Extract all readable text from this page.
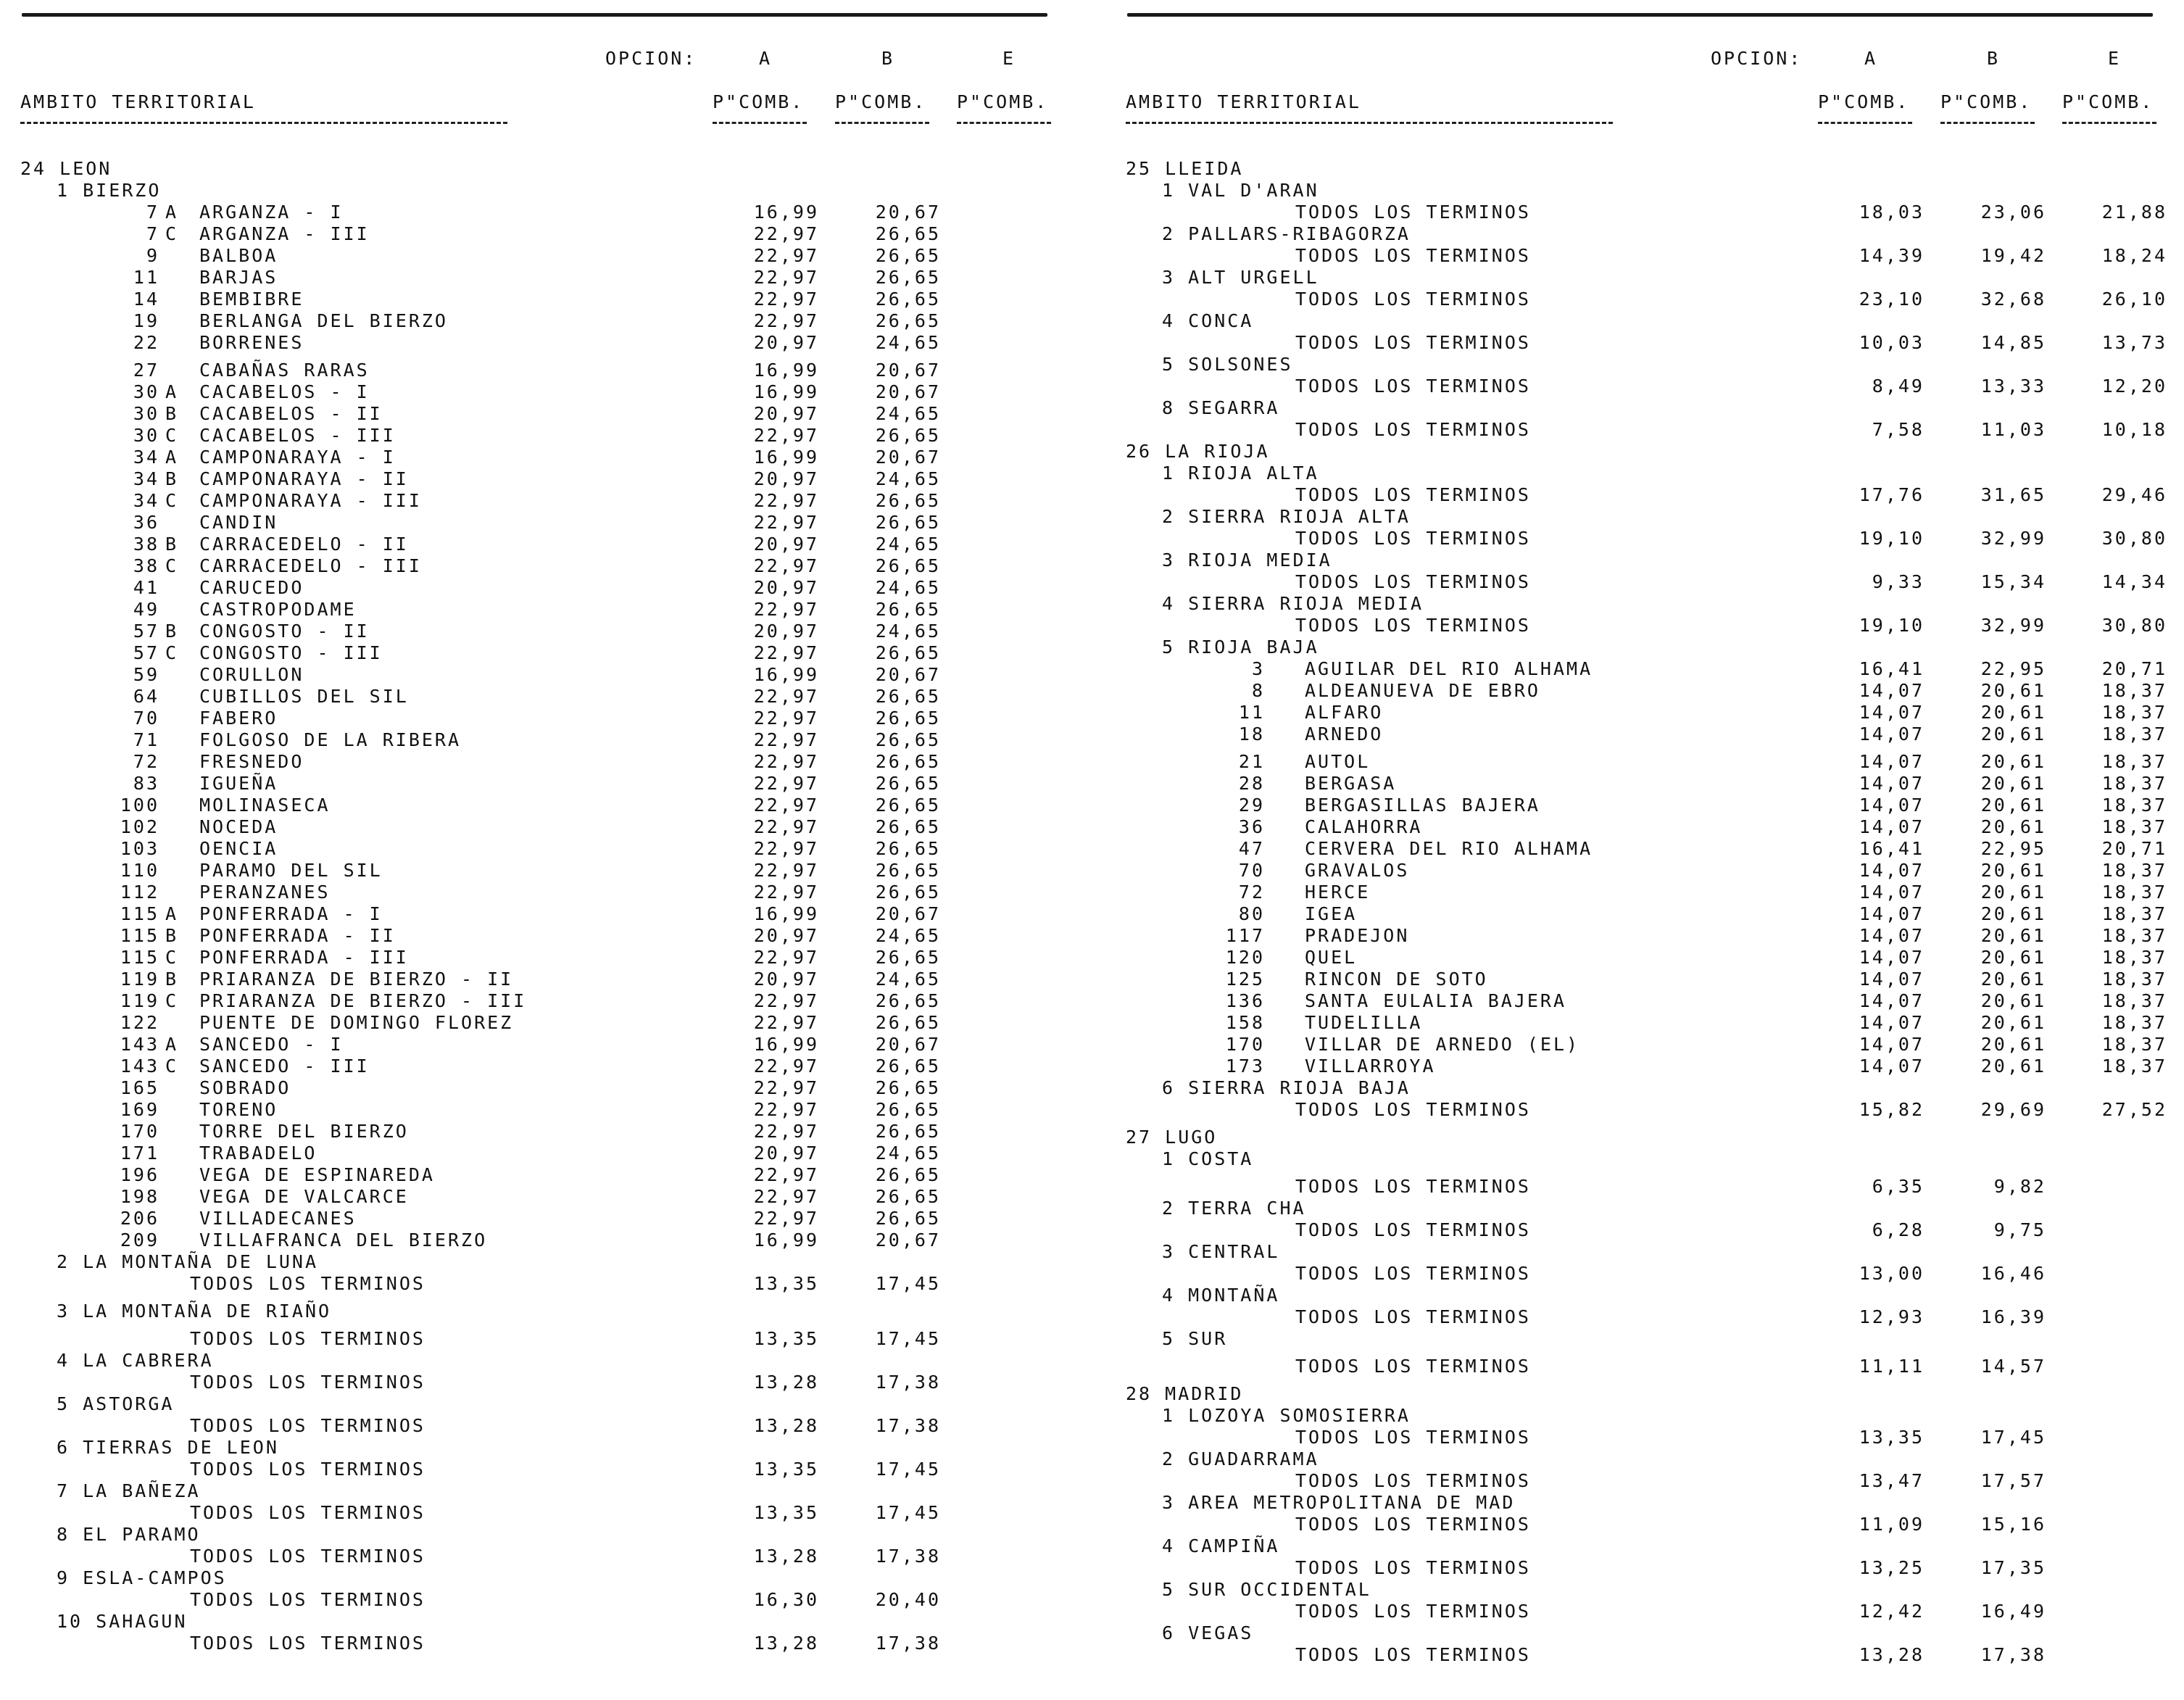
OPCION:	A	B	E
AMBITO TERRITORIAL	P"COMB. P"COMB. P"COMB.
24 LEON
1 BIERZO
7 A ARGANZA - I	16,99	20,67
7 C ARGANZA - III	22,97	26,65
9 BALBOA	22,97	26,65
11 BARJAS	22,97	26,65
14 BEMBIBRE	22,97	26,65
19 BERLANGA DEL BIERZO	22,97	26,65
22 BORRENES	20,97	24,65
27 CABAÑAS RARAS	16,99	20,67
30 A CACABELOS - I	16,99	20,67
30 B CACABELOS - II	20,97	24,65
30 C CACABELOS - III	22,97	26,65
34 A CAMPONARAYA - I	16,99	20,67
34 B CAMPONARAYA - II	20,97	24,65
34 C CAMPONARAYA - III	22,97	26,65
36 CANDIN	22,97	26,65
38 B CARRACEDELO - II	20,97	24,65
38 C CARRACEDELO - III	22,97	26,65
41 CARUCEDO	20,97	24,65
49 CASTROPODAME	22,97	26,65
57 B CONGOSTO - II	20,97	24,65
57 C CONGOSTO - III	22,97	26,65
59 CORULLON	16,99	20,67
64 CUBILLOS DEL SIL	22,97	26,65
70 FABERO	22,97	26,65
71 FOLGOSO DE LA RIBERA	22,97	26,65
72 FRESNEDO	22,97	26,65
83 IGUEÑA	22,97	26,65
100 MOLINASECA	22,97	26,65
102 NOCEDA	22,97	26,65
103 OENCIA	22,97	26,65
110 PARAMO DEL SIL	22,97	26,65
112 PERANZANES	22,97	26,65
115 A PONFERRADA - I	16,99	20,67
115 B PONFERRADA - II	20,97	24,65
115 C PONFERRADA - III	22,97	26,65
119 B PRIARANZA DE BIERZO - II	20,97	24,65
119 C PRIARANZA DE BIERZO - III	22,97	26,65
122 PUENTE DE DOMINGO FLOREZ	22,97	26,65
143 A SANCEDO - I	16,99	20,67
143 C SANCEDO - III	22,97	26,65
165 SOBRADO	22,97	26,65
169 TORENO	22,97	26,65
170 TORRE DEL BIERZO	22,97	26,65
171 TRABADELO	20,97	24,65
196 VEGA DE ESPINAREDA	22,97	26,65
198 VEGA DE VALCARCE	22,97	26,65
206 VILLADECANES	22,97	26,65
209 VILLAFRANCA DEL BIERZO	16,99	20,67
2 LA MONTAÑA DE LUNA
TODOS LOS TERMINOS	13,35	17,45
3 LA MONTAÑA DE RIAÑO
TODOS LOS TERMINOS	13,35	17,45
4 LA CABRERA
TODOS LOS TERMINOS	13,28	17,38
5 ASTORGA
TODOS LOS TERMINOS	13,28	17,38
6 TIERRAS DE LEON
TODOS LOS TERMINOS	13,35	17,45
7 LA BAÑEZA
TODOS LOS TERMINOS	13,35	17,45
8 EL PARAMO
TODOS LOS TERMINOS	13,28	17,38
9 ESLA-CAMPOS
TODOS LOS TERMINOS	16,30	20,40
10 SAHAGUN
TODOS LOS TERMINOS	13,28	17,38
OPCION:	A	B	E
AMBITO TERRITORIAL	P"COMB. P"COMB. P"COMB.
25 LLEIDA
1 VAL D'ARAN
TODOS LOS TERMINOS	18,03	23,06	21,88
2 PALLARS-RIBAGORZA
TODOS LOS TERMINOS	14,39	19,42	18,24
3 ALT URGELL
TODOS LOS TERMINOS	23,10	32,68	26,10
4 CONCA
TODOS LOS TERMINOS	10,03	14,85	13,73
5 SOLSONES
TODOS LOS TERMINOS	8,49	13,33	12,20
8 SEGARRA
TODOS LOS TERMINOS	7,58	11,03	10,18
26 LA RIOJA
1 RIOJA ALTA
TODOS LOS TERMINOS	17,76	31,65	29,46
2 SIERRA RIOJA ALTA
TODOS LOS TERMINOS	19,10	32,99	30,80
3 RIOJA MEDIA
TODOS LOS TERMINOS	9,33	15,34	14,34
4 SIERRA RIOJA MEDIA
TODOS LOS TERMINOS	19,10	32,99	30,80
5 RIOJA BAJA
3 AGUILAR DEL RIO ALHAMA	16,41	22,95	20,71
8 ALDEANUEVA DE EBRO	14,07	20,61	18,37
11 ALFARO	14,07	20,61	18,37
18 ARNEDO	14,07	20,61	18,37
21 AUTOL	14,07	20,61	18,37
28 BERGASA	14,07	20,61	18,37
29 BERGASILLAS BAJERA	14,07	20,61	18,37
36 CALAHORRA	14,07	20,61	18,37
47 CERVERA DEL RIO ALHAMA	16,41	22,95	20,71
70 GRAVALOS	14,07	20,61	18,37
72 HERCE	14,07	20,61	18,37
80 IGEA	14,07	20,61	18,37
117 PRADEJON	14,07	20,61	18,37
120 QUEL	14,07	20,61	18,37
125 RINCON DE SOTO	14,07	20,61	18,37
136 SANTA EULALIA BAJERA	14,07	20,61	18,37
158 TUDELILLA	14,07	20,61	18,37
170 VILLAR DE ARNEDO (EL)	14,07	20,61	18,37
173 VILLARROYA	14,07	20,61	18,37
6 SIERRA RIOJA BAJA
TODOS LOS TERMINOS	15,82	29,69	27,52
27 LUGO
1 COSTA
TODOS LOS TERMINOS	6,35	9,82
2 TERRA CHA
TODOS LOS TERMINOS	6,28	9,75
3 CENTRAL
TODOS LOS TERMINOS	13,00	16,46
4 MONTAÑA
TODOS LOS TERMINOS	12,93	16,39
5 SUR
TODOS LOS TERMINOS	11,11	14,57
28 MADRID
1 LOZOYA SOMOSIERRA
TODOS LOS TERMINOS	13,35	17,45
2 GUADARRAMA
TODOS LOS TERMINOS	13,47	17,57
3 AREA METROPOLITANA DE MAD
TODOS LOS TERMINOS	11,09	15,16
4 CAMPIÑA
TODOS LOS TERMINOS	13,25	17,35
5 SUR OCCIDENTAL
TODOS LOS TERMINOS	12,42	16,49
6 VEGAS
TODOS LOS TERMINOS	13,28	17,38
